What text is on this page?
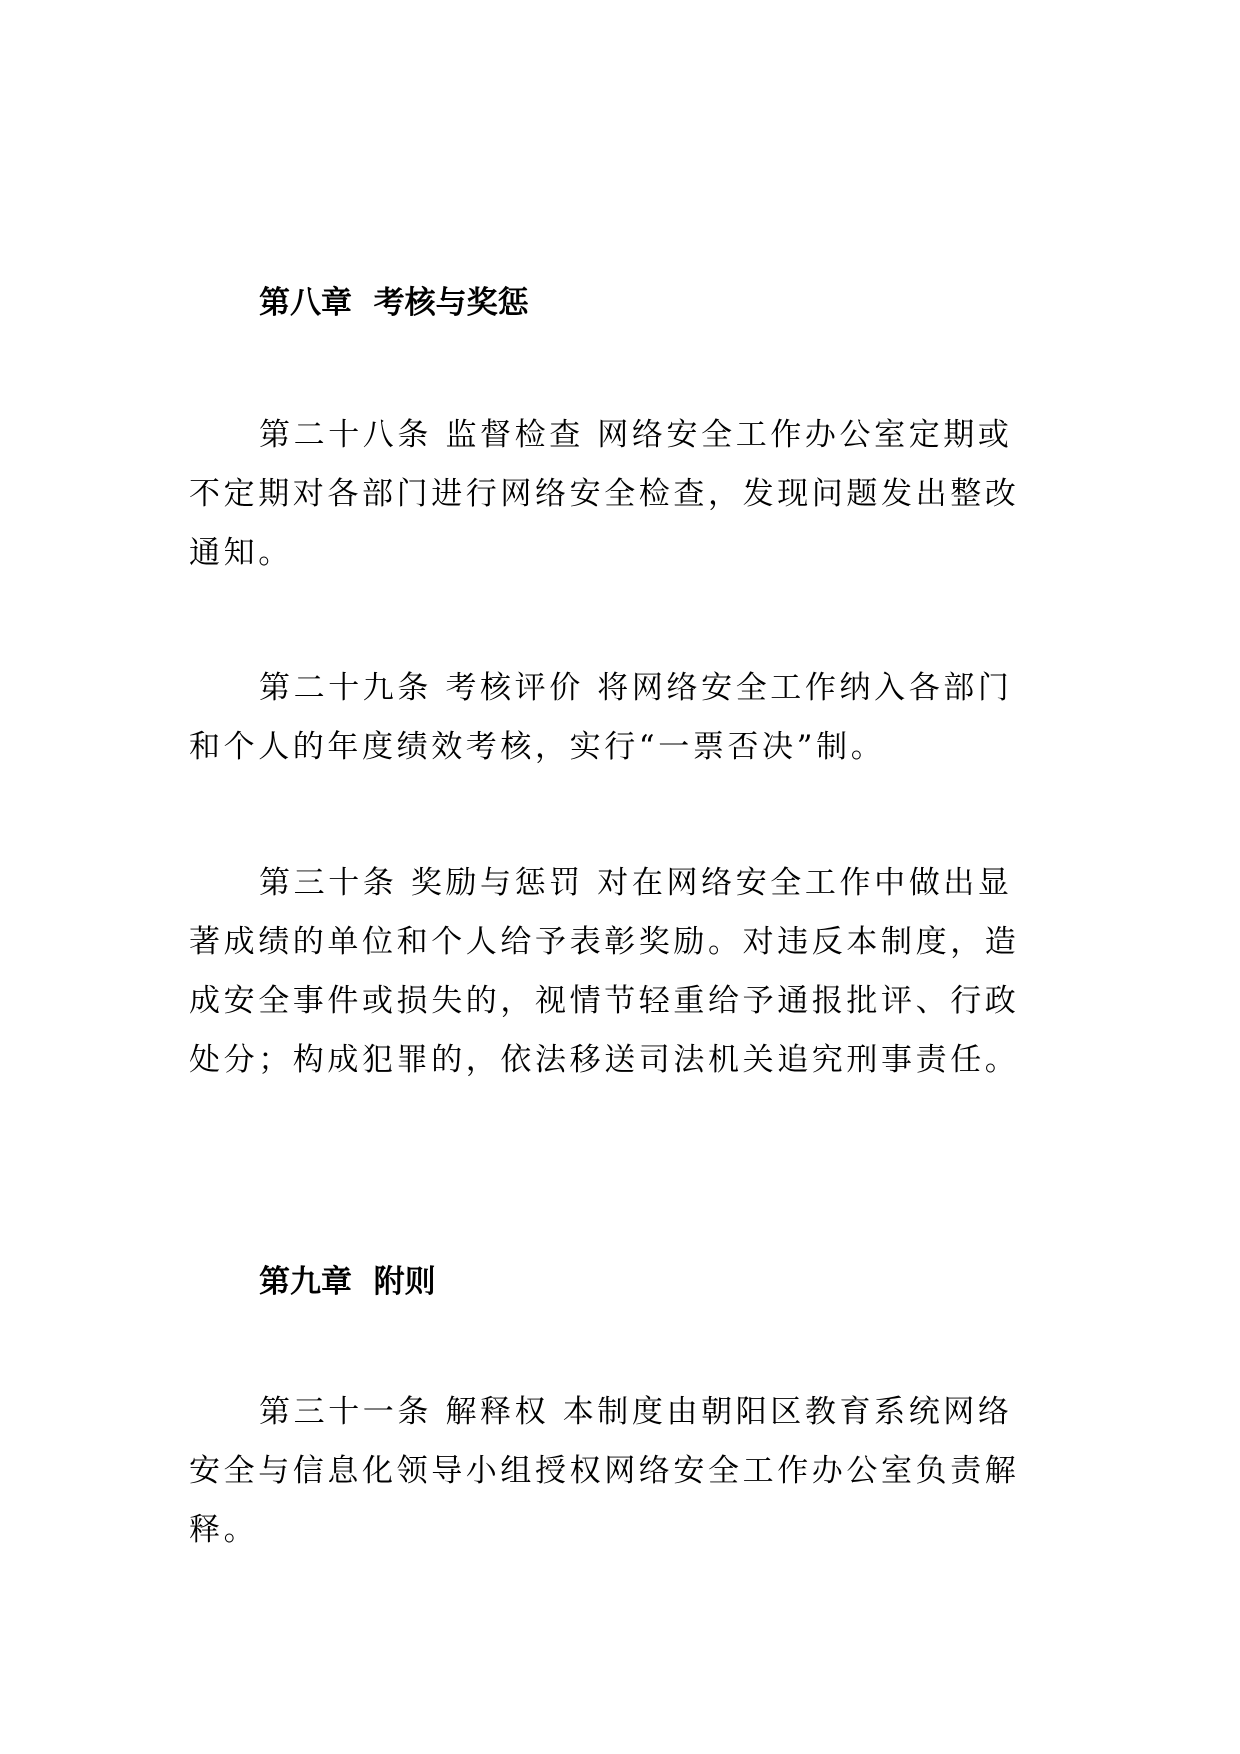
第八章  考核与奖惩

第二十八条 监督检查 网络安全工作办公室定期或不定期对各部门进行网络安全检查，发现问题发出整改通知。

第二十九条 考核评价 将网络安全工作纳入各部门和个人的年度绩效考核，实行“一票否决”制。

第三十条 奖励与惩罚 对在网络安全工作中做出显著成绩的单位和个人给予表彰奖励。对违反本制度，造成安全事件或损失的，视情节轻重给予通报批评、行政处分；构成犯罪的，依法移送司法机关追究刑事责任。

第九章  附则

第三十一条 解释权 本制度由朝阳区教育系统网络安全与信息化领导小组授权网络安全工作办公室负责解释。
